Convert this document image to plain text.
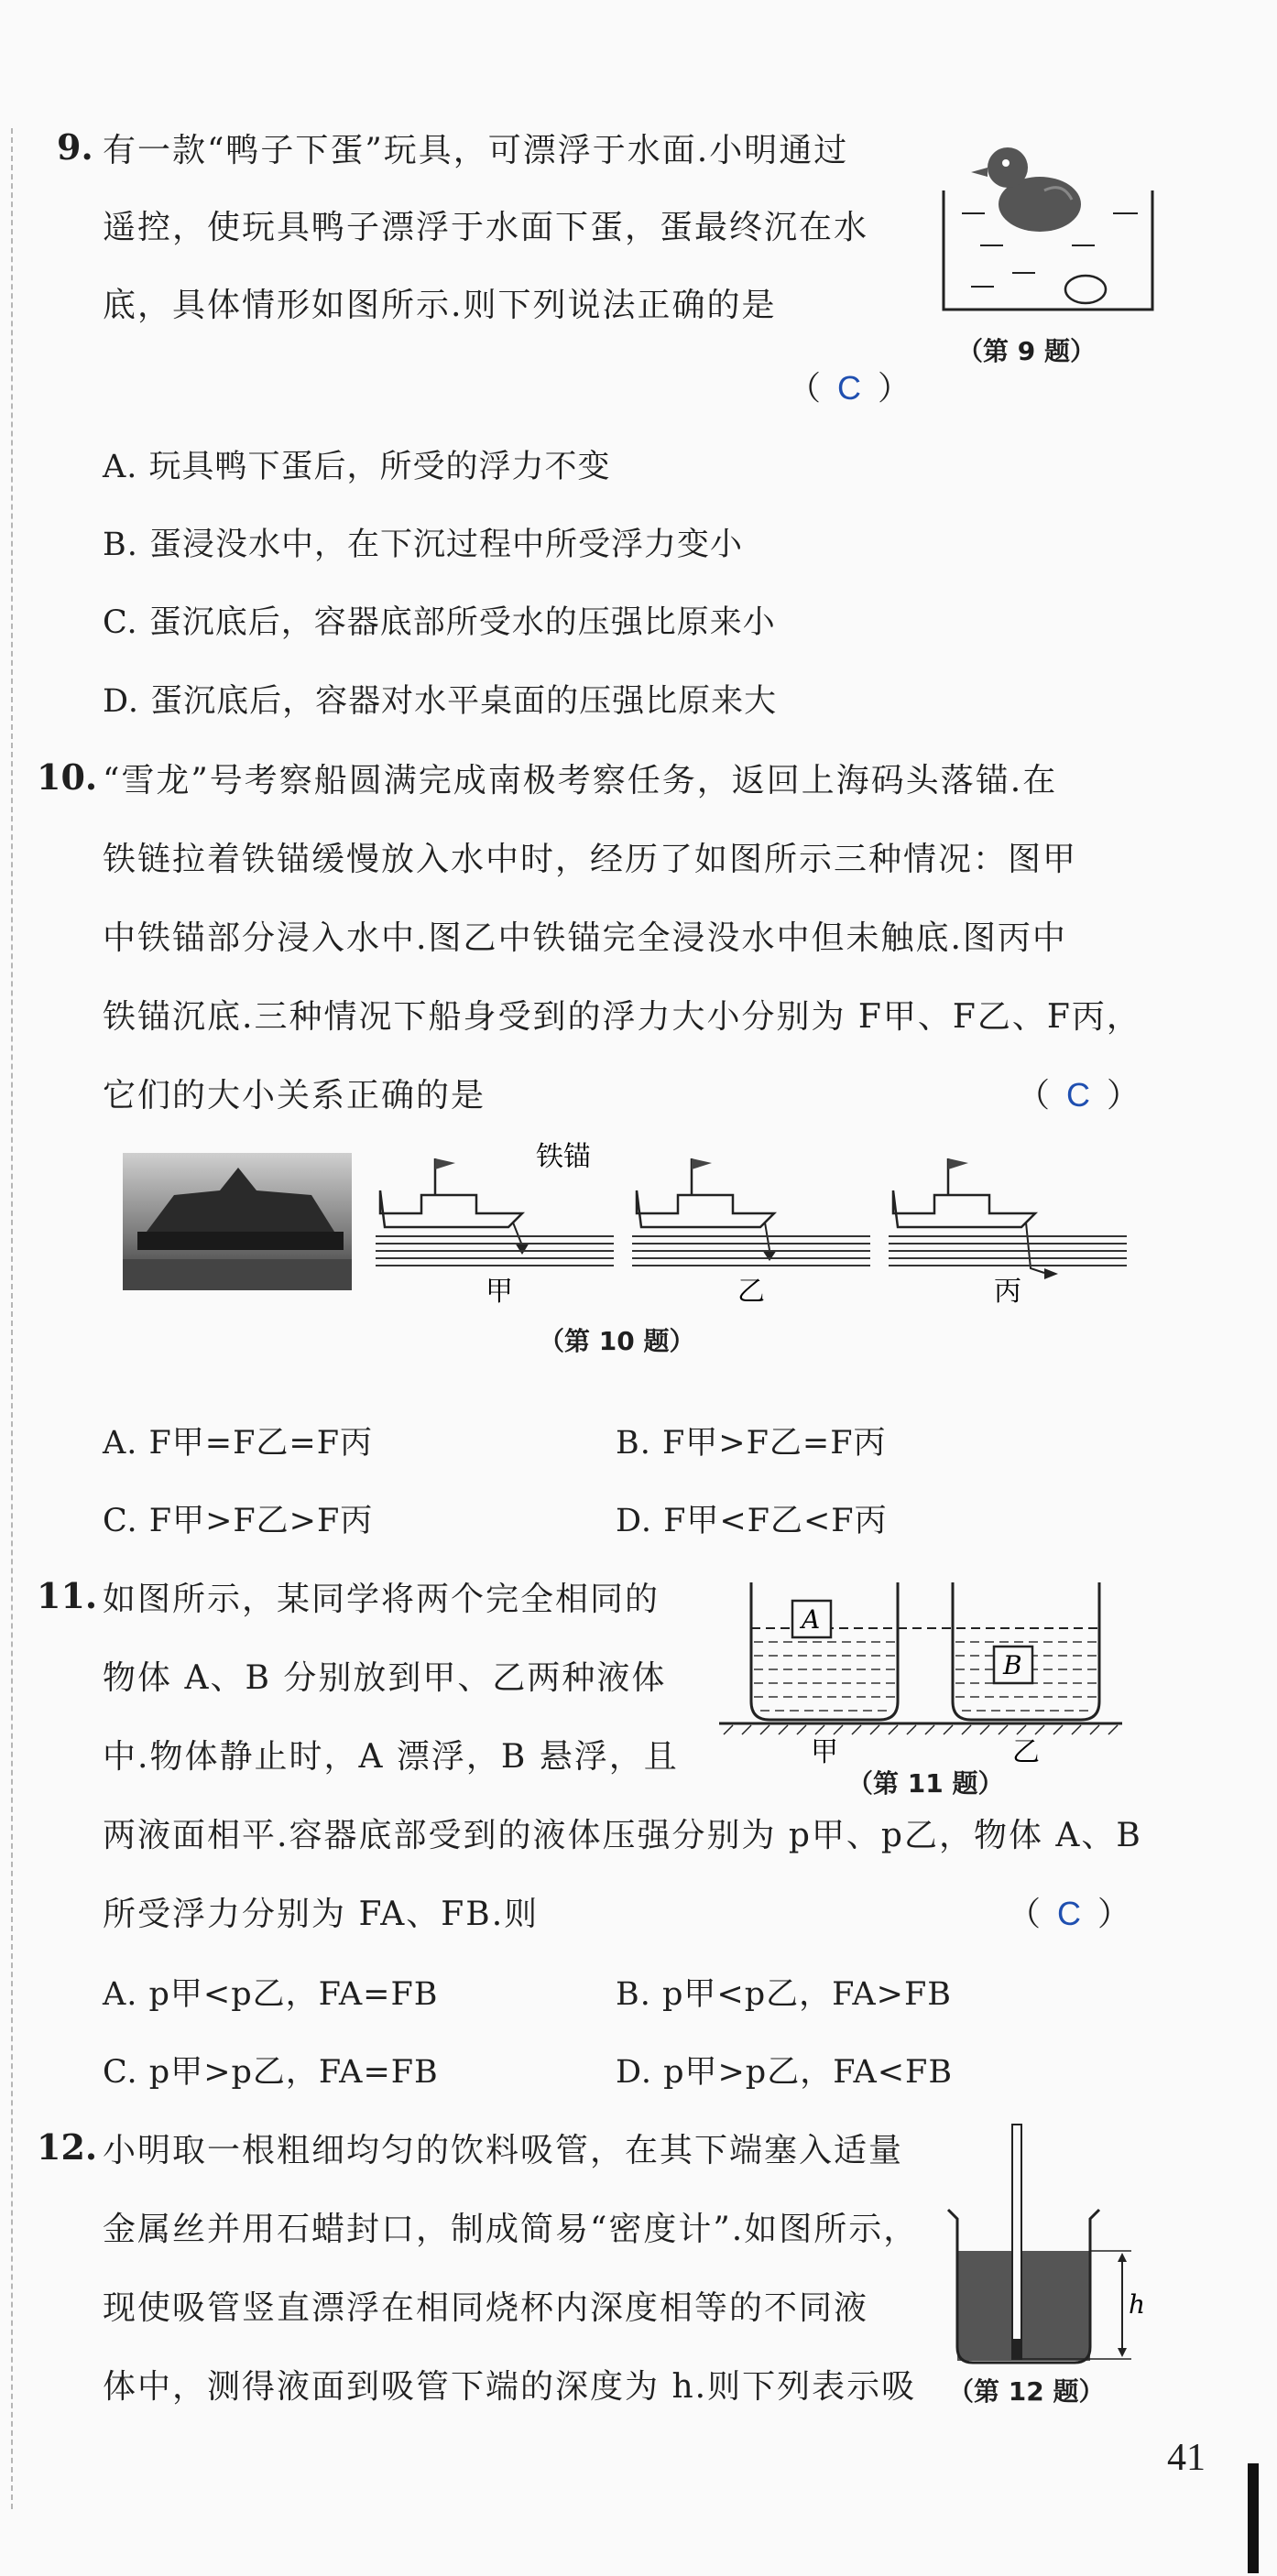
9. 有一款“鸭子下蛋”玩具，可漂浮于水面.小明通过
遥控，使玩具鸭子漂浮于水面下蛋，蛋最终沉在水
底，具体情形如图所示.则下列说法正确的是
（ C ）
（第 9 题）
A. 玩具鸭下蛋后，所受的浮力不变
B. 蛋浸没水中，在下沉过程中所受浮力变小
C. 蛋沉底后，容器底部所受水的压强比原来小
D. 蛋沉底后，容器对水平桌面的压强比原来大
10. “雪龙”号考察船圆满完成南极考察任务，返回上海码头落锚.在
铁链拉着铁锚缓慢放入水中时，经历了如图所示三种情况：图甲
中铁锚部分浸入水中.图乙中铁锚完全浸没水中但未触底.图丙中
铁锚沉底.三种情况下船身受到的浮力大小分别为 F甲、F乙、F丙，
它们的大小关系正确的是	（ C ）
铁锚
甲	乙	丙
（第 10 题）
A. F甲=F乙=F丙	B. F甲>F乙=F丙
C. F甲>F乙>F丙	D. F甲<F乙<F丙
11. 如图所示，某同学将两个完全相同的
物体 A、B 分别放到甲、乙两种液体
中.物体静止时，A 漂浮，B 悬浮，且
两液面相平.容器底部受到的液体压强分别为 p甲、p乙，物体 A、B
所受浮力分别为 FA、FB.则	（ C ）
A
B
甲	乙
（第 11 题）
A. p甲<p乙，FA=FB	B. p甲<p乙，FA>FB
C. p甲>p乙，FA=FB	D. p甲>p乙，FA<FB
12. 小明取一根粗细均匀的饮料吸管，在其下端塞入适量
金属丝并用石蜡封口，制成简易“密度计”.如图所示，
现使吸管竖直漂浮在相同烧杯内深度相等的不同液
体中，测得液面到吸管下端的深度为 h.则下列表示吸
h
（第 12 题）
41
